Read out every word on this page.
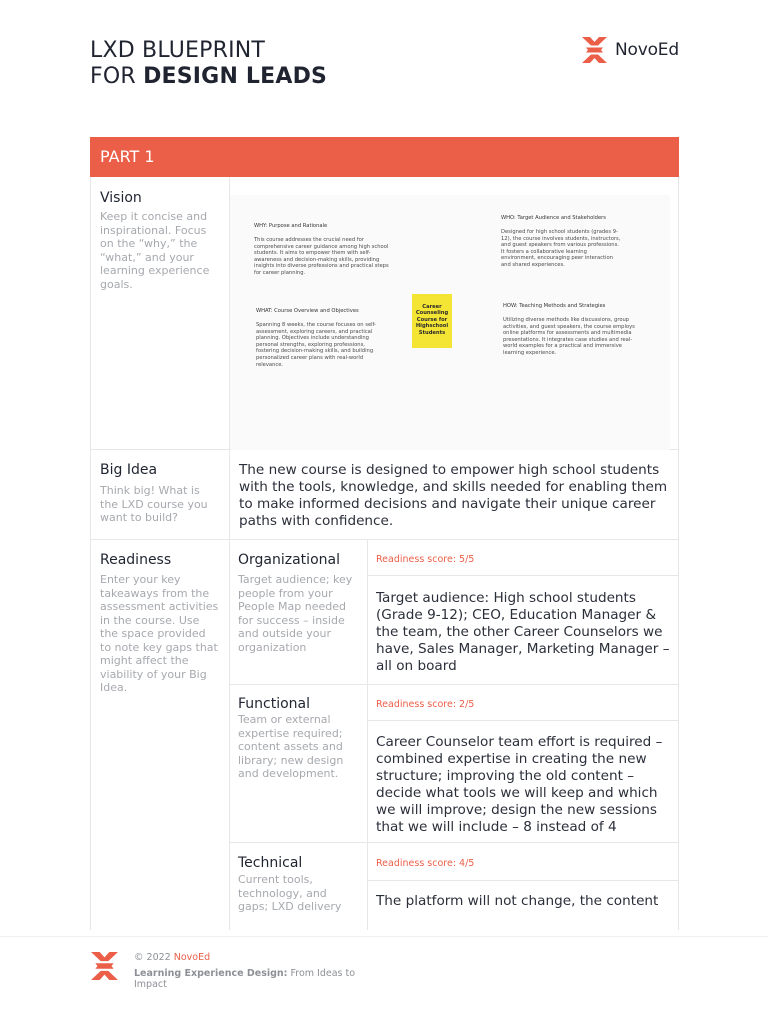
LXD BLUEPRINT
FOR DESIGN LEADS
NovoEd
PART 1
Vision
Keep it concise and inspirational. Focus on the “why,” the “what,” and your learning experience goals.
WHY: Purpose and Rationale
This course addresses the crucial need for comprehensive career guidance among high school students. It aims to empower them with self-awareness and decision-making skills, providing insights into diverse professions and practical steps for career planning.
WHAT: Course Overview and Objectives
Spanning 8 weeks, the course focuses on self-assessment, exploring careers, and practical planning. Objectives include understanding personal strengths, exploring professions, fostering decision-making skills, and building personalized career plans with real-world relevance.
WHO: Target Audience and Stakeholders
Designed for high school students (grades 9-12), the course involves students, instructors, and guest speakers from various professions. It fosters a collaborative learning environment, encouraging peer interaction and shared experiences.
HOW: Teaching Methods and Strategies
Utilizing diverse methods like discussions, group activities, and guest speakers, the course employs online platforms for assessments and multimedia presentations. It integrates case studies and real-world examples for a practical and immersive learning experience.
Career Counseling Course for Highschool Students
Big Idea
Think big! What is the LXD course you want to build?
The new course is designed to empower high school students with the tools, knowledge, and skills needed for enabling them to make informed decisions and navigate their unique career paths with confidence.
Readiness
Enter your key takeaways from the assessment activities in the course. Use the space provided to note key gaps that might affect the viability of your Big Idea.
Organizational
Target audience; key people from your People Map needed for success – inside and outside your organization
Readiness score: 5/5
Target audience: High school students (Grade 9-12); CEO, Education Manager & the team, the other Career Counselors we have, Sales Manager, Marketing Manager – all on board
Functional
Team or external expertise required; content assets and library; new design and development.
Readiness score: 2/5
Career Counselor team effort is required – combined expertise in creating the new structure; improving the old content – decide what tools we will keep and which we will improve; design the new sessions that we will include – 8 instead of 4
Technical
Current tools, technology, and gaps; LXD delivery
Readiness score: 4/5
The platform will not change, the content
© 2022 NovoEd
Learning Experience Design: From Ideas to Impact
